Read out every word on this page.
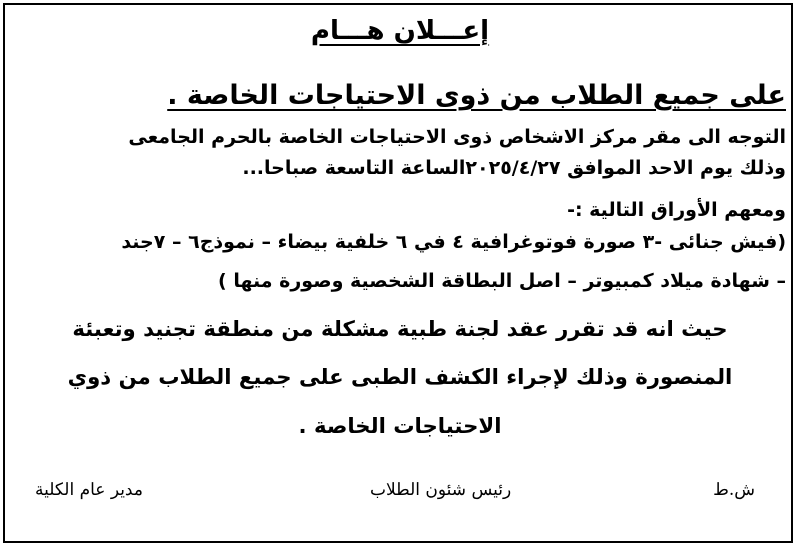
إعـــلان هـــام

على جميع الطلاب من ذوى الاحتياجات الخاصة .

التوجه الى مقر مركز الاشخاص ذوى الاحتياجات الخاصة بالحرم الجامعى

وذلك يوم الاحد الموافق ٢٠٢٥/٤/٢٧الساعة التاسعة صباحا...

ومعهم الأوراق التالية :-

(فيش جنائى -٣ صورة فوتوغرافية ٤ في ٦ خلفية بيضاء – نموذج٦ – ٧جند

– شهادة ميلاد كمبيوتر – اصل البطاقة الشخصية وصورة منها )

حيث انه قد تقرر عقد لجنة طبية مشكلة من منطقة تجنيد وتعبئة

المنصورة وذلك لإجراء الكشف الطبى على جميع الطلاب من ذوي

الاحتياجات الخاصة .

ش.ط
رئيس شئون الطلاب
مدير عام الكلية
